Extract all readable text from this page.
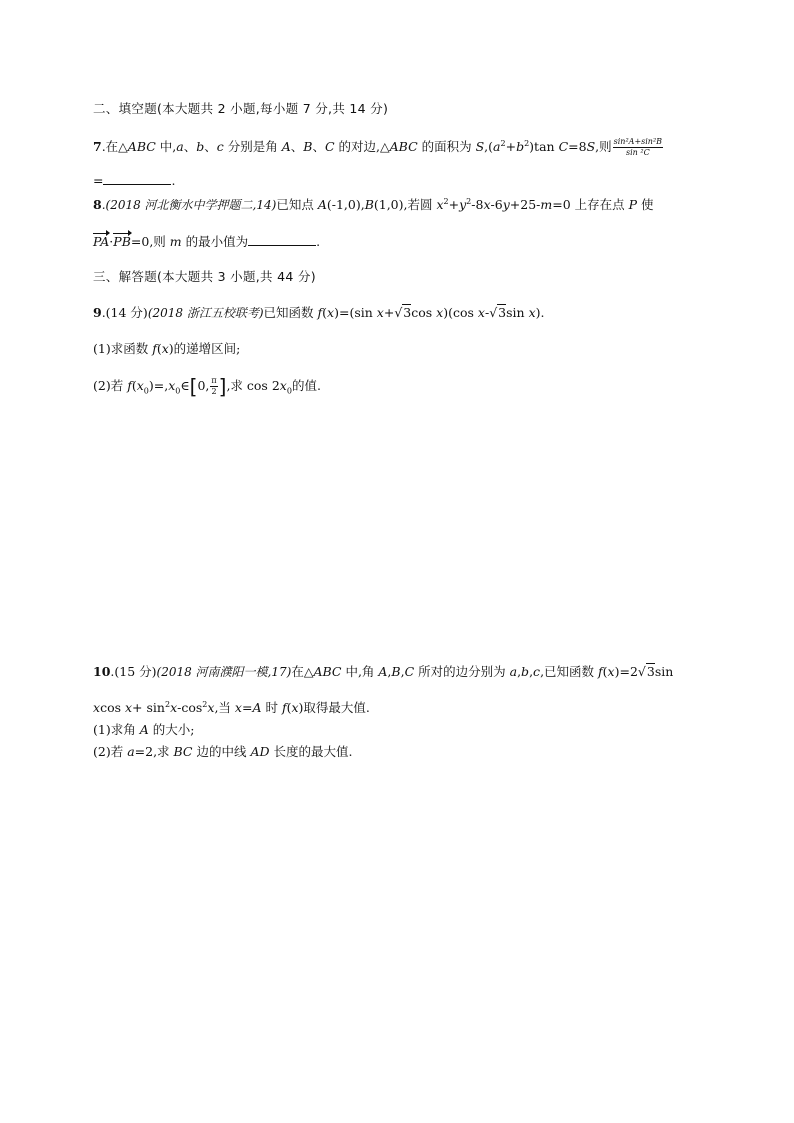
二、填空题(本大题共 2 小题,每小题 7 分,共 14 分)
7.在△ABC 中,a、b、c 分别是角 A、B、C 的对边,△ABC 的面积为 $S,(a^2+b^2)\tan$ C=8S,则 $\frac{\text{sin²A+sin²B}}{\text{sin ²C}}$
=	.
8.(2018 河北衡水中学押题二,14)已知点 A(-1,0),B(1,0),若圆 $x^2+y^2-8x-6y+25-m=0$ 上存在点 P 使
PA·PB=0,则 m 的最小值为	.
三、解答题(本大题共 3 小题,共 44 分)
9.(14 分)(2018 浙江五校联考)已知函数 f(x)=(sin x+√3cos x)(cos x-√3sin x).
(1)求函数 f(x)的递增区间;
(2)若 $f(x_0)=,x_0\in[0$, $\frac{\pi}{2}$ ],求 $\cos 2x_0$的值.
10.(15 分)(2018 河南濮阳一模,17)在△ABC 中,角 A,B,C 所对的边分别为 a,b,c,已知函数 f(x)=2√3sin
xcos $x+ \sin^2x-\cos^2x$,当 x=A 时 f(x)取得最大值.
(1)求角 A 的大小;
(2)若 a=2,求 BC 边的中线 AD 长度的最大值.
